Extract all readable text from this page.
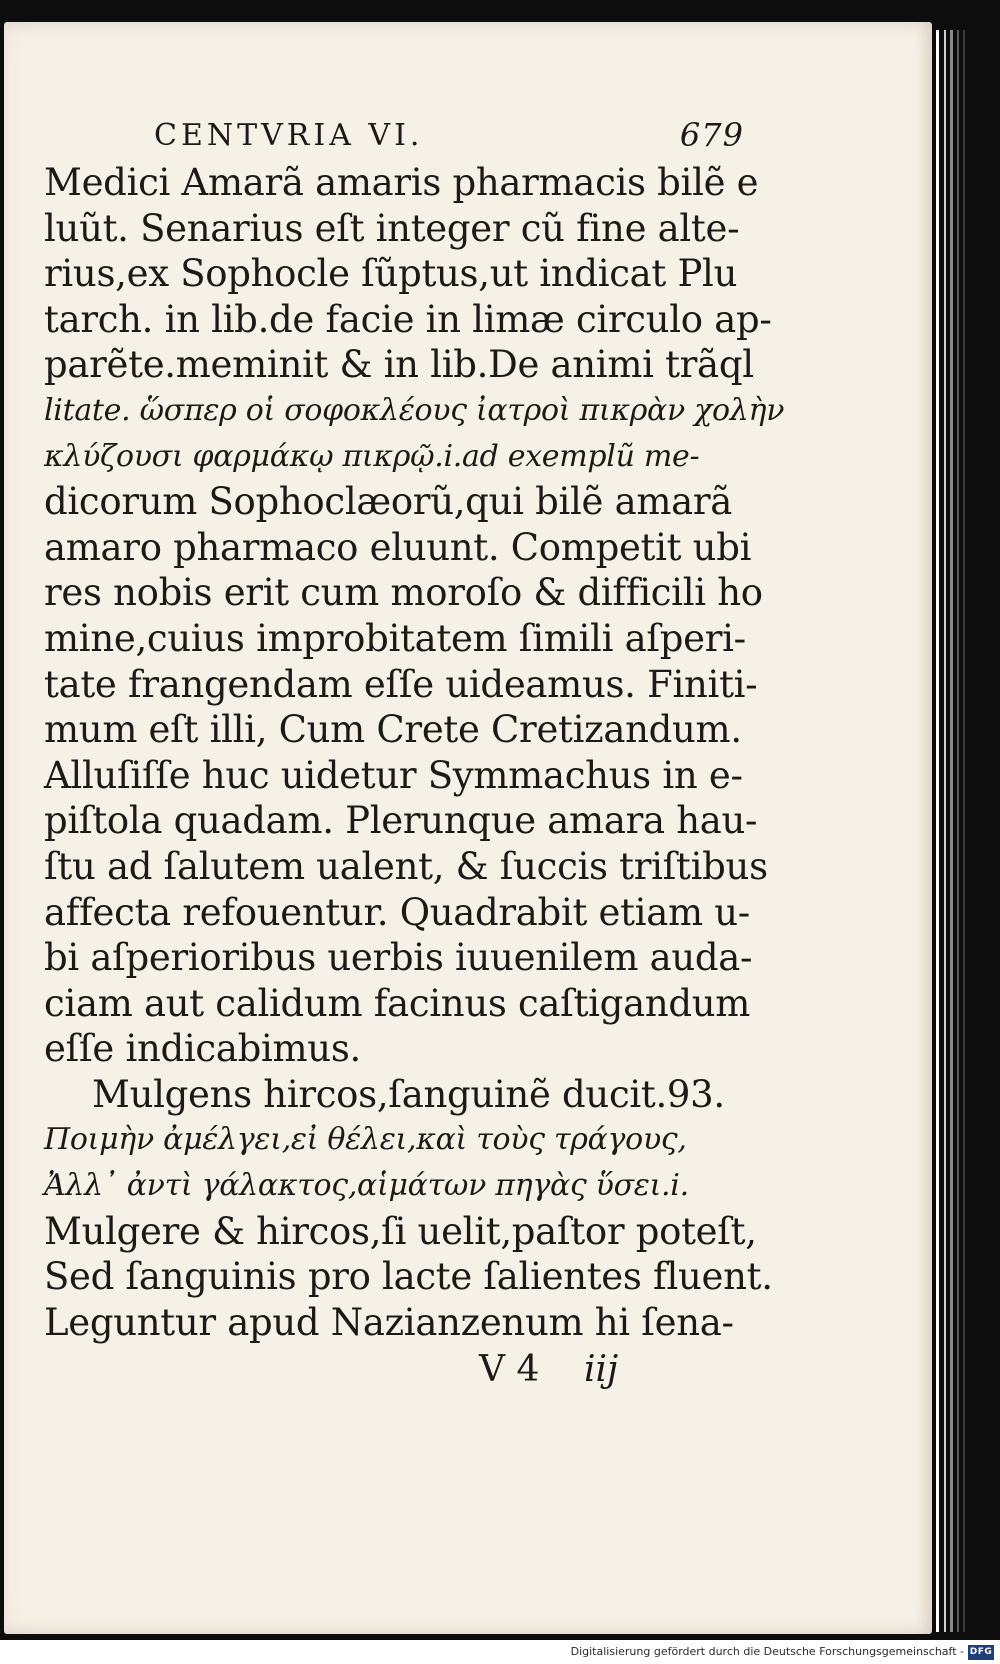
CENTVRIA VI.	679
Medici Amarã amaris pharmacis bilẽ e
luũt. Senarius eſt integer cũ fine alte-
rius,ex Sophocle ſũptus,ut indicat Plu
tarch. in lib.de facie in limæ circulo ap-
parẽte.meminit & in lib.De animi trãql
litate. ὥσπερ οἱ σοφοκλέους ἰατροὶ πικρὰν χολὴν
κλύζουσι φαρμάκῳ πικρῷ.i.ad exemplũ me-
dicorum Sophoclæorũ,qui bilẽ amarã
amaro pharmaco eluunt. Competit ubi
res nobis erit cum moroſo & difficili ho
mine,cuius improbitatem ſimili aſperi-
tate frangendam eſſe uideamus. Finiti-
mum eſt illi, Cum Crete Cretizandum.
Alluſiſſe huc uidetur Symmachus in e-
piſtola quadam. Plerunque amara hau-
ſtu ad ſalutem ualent, & ſuccis triſtibus
affecta refouentur. Quadrabit etiam u-
bi aſperioribus uerbis iuuenilem auda-
ciam aut calidum facinus caſtigandum
eſſe indicabimus.
Mulgens hircos,ſanguinẽ ducit.93.
Ποιμὴν ἀμέλγει,εἰ θέλει,καὶ τοὺς τράγους,
Ἀλλ᾽ ἀντὶ γάλακτος,αἱμάτων πηγὰς ὕσει.i.
Mulgere & hircos,ſi uelit,paſtor poteſt,
Sed ſanguinis pro lacte ſalientes fluent.
Leguntur apud Nazianzenum hi ſena-
V 4 iij
Digitalisierung gefördert durch die Deutsche Forschungsgemeinschaft - DFG
